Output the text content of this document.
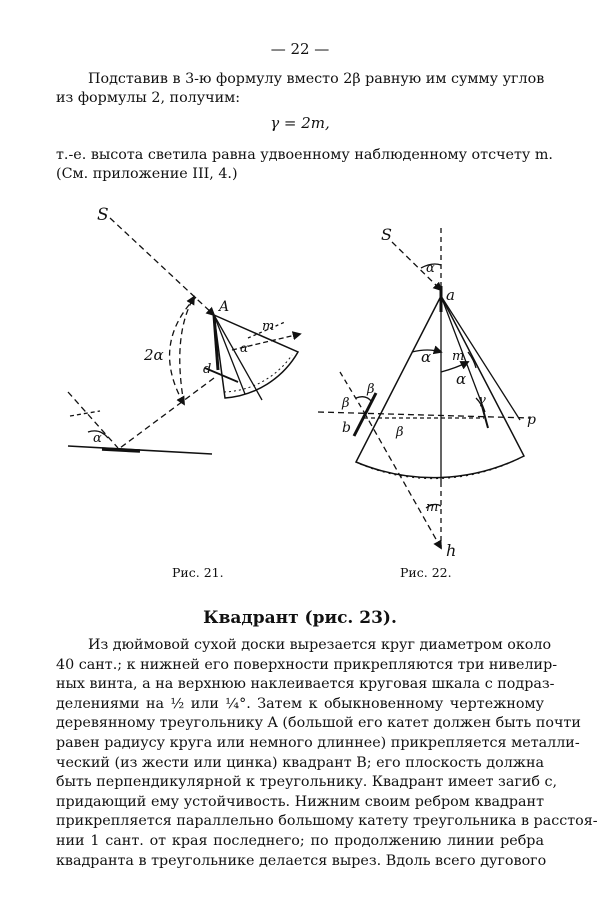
— 22 —
Подставив в 3-ю формулу вместо 2β равную им сумму углов
из формулы 2, получим:
γ = 2m,
т.-е. высота светила равна удвоенному наблюденному отсчету m.
(См. приложение III, 4.)
S
A
2α
α
d
α
m
S
a
α
α m
α
β
β
β
b
γ
p
m
h
Рис. 21.	Рис. 22.
Квадрант (рис. 23).
Из дюймовой сухой доски вырезается круг диаметром около
40 сант.; к нижней его поверхности прикрепляются три нивелир-
ных винта, а на верхнюю наклеивается круговая шкала с подраз-
делениями на ½ или ¼°. Затем к обыкновенному чертежному
деревянному треугольнику A (большой его катет должен быть почти
равен радиусу круга или немного длиннее) прикрепляется металли-
ческий (из жести или цинка) квадрант B; его плоскость должна
быть перпендикулярной к треугольнику. Квадрант имеет загиб c,
придающий ему устойчивость. Нижним своим ребром квадрант
прикрепляется параллельно большому катету треугольника в расстоя-
нии 1 сант. от края последнего; по продолжению линии ребра
квадранта в треугольнике делается вырез. Вдоль всего дугового
